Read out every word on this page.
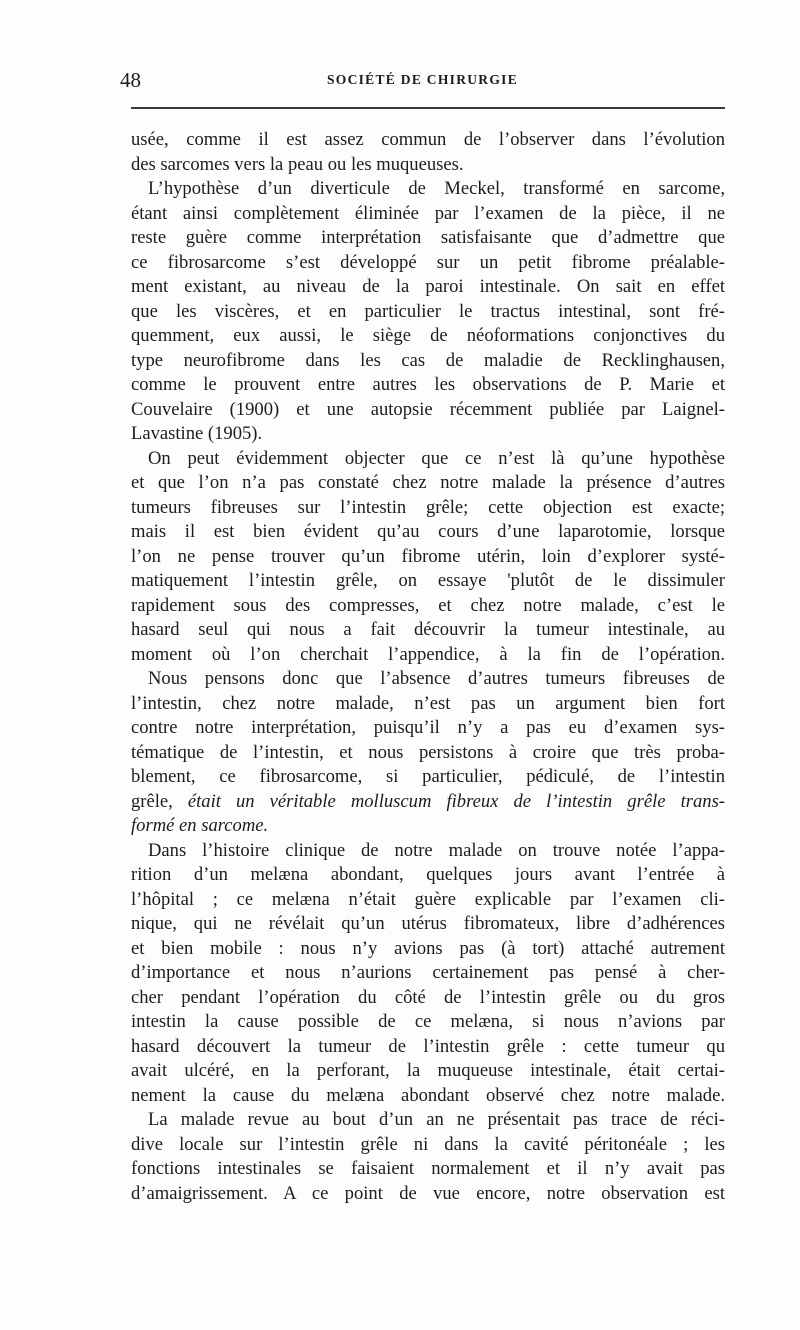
48	SOCIÉTÉ DE CHIRURGIE
usée, comme il est assez commun de l’observer dans l’évolution
des sarcomes vers la peau ou les muqueuses.
L’hypothèse d’un diverticule de Meckel, transformé en sarcome,
étant ainsi complètement éliminée par l’examen de la pièce, il ne
reste guère comme interprétation satisfaisante que d’admettre que
ce fibrosarcome s’est développé sur un petit fibrome préalable-
ment existant, au niveau de la paroi intestinale. On sait en effet
que les viscères, et en particulier le tractus intestinal, sont fré-
quemment, eux aussi, le siège de néoformations conjonctives du
type neurofibrome dans les cas de maladie de Recklinghausen,
comme le prouvent entre autres les observations de P. Marie et
Couvelaire (1900) et une autopsie récemment publiée par Laignel-
Lavastine (1905).
On peut évidemment objecter que ce n’est là qu’une hypothèse
et que l’on n’a pas constaté chez notre malade la présence d’autres
tumeurs fibreuses sur l’intestin grêle; cette objection est exacte;
mais il est bien évident qu’au cours d’une laparotomie, lorsque
l’on ne pense trouver qu’un fibrome utérin, loin d’explorer systé-
matiquement l’intestin grêle, on essaye 'plutôt de le dissimuler
rapidement sous des compresses, et chez notre malade, c’est le
hasard seul qui nous a fait découvrir la tumeur intestinale, au
moment où l’on cherchait l’appendice, à la fin de l’opération.
Nous pensons donc que l’absence d’autres tumeurs fibreuses de
l’intestin, chez notre malade, n’est pas un argument bien fort
contre notre interprétation, puisqu’il n’y a pas eu d’examen sys-
tématique de l’intestin, et nous persistons à croire que très proba-
blement, ce fibrosarcome, si particulier, pédiculé, de l’intestin
grêle, était un véritable molluscum fibreux de l’intestin grêle trans-
formé en sarcome.
Dans l’histoire clinique de notre malade on trouve notée l’appa-
rition d’un melæna abondant, quelques jours avant l’entrée à
l’hôpital ; ce melæna n’était guère explicable par l’examen cli-
nique, qui ne révélait qu’un utérus fibromateux, libre d’adhérences
et bien mobile : nous n’y avions pas (à tort) attaché autrement
d’importance et nous n’aurions certainement pas pensé à cher-
cher pendant l’opération du côté de l’intestin grêle ou du gros
intestin la cause possible de ce melæna, si nous n’avions par
hasard découvert la tumeur de l’intestin grêle : cette tumeur qu
avait ulcéré, en la perforant, la muqueuse intestinale, était certai-
nement la cause du melæna abondant observé chez notre malade.
La malade revue au bout d’un an ne présentait pas trace de réci-
dive locale sur l’intestin grêle ni dans la cavité péritonéale ; les
fonctions intestinales se faisaient normalement et il n’y avait pas
d’amaigrissement. A ce point de vue encore, notre observation est
